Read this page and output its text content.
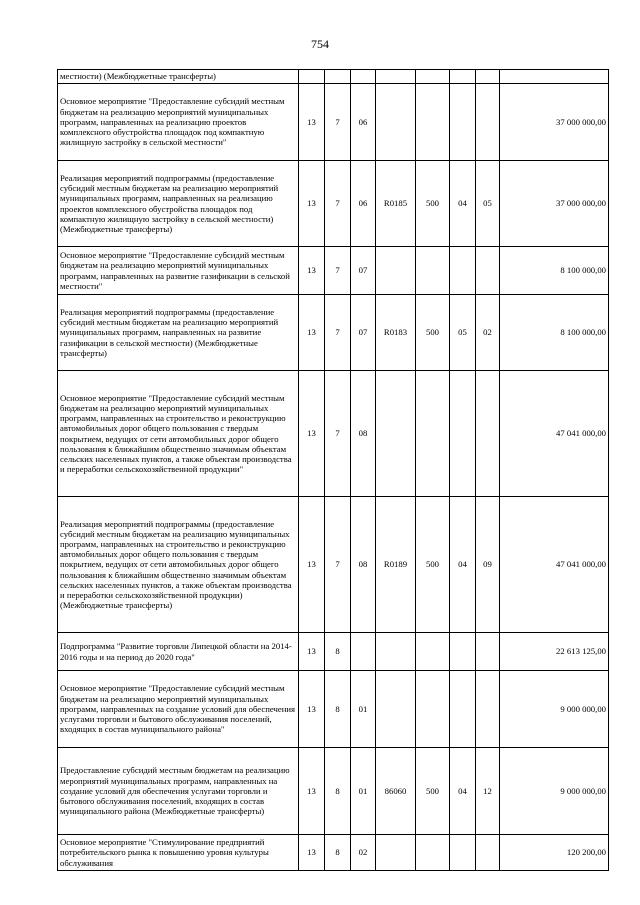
754
местности) (Межбюджетные трансферты)								
Основное мероприятие "Предоставление субсидий местным бюджетам на реализацию мероприятий муниципальных программ, направленных на реализацию проектов комплексного обустройства площадок под компактную жилищную застройку в сельской местности"	13	7	06					37 000 000,00
Реализация мероприятий подпрограммы (предоставление субсидий местным бюджетам на реализацию мероприятий муниципальных программ, направленных на реализацию проектов комплексного обустройства площадок под компактную жилищную застройку в сельской местности) (Межбюджетные трансферты)	13	7	06	R0185	500	04	05	37 000 000,00
Основное мероприятие "Предоставление субсидий местным бюджетам на реализацию мероприятий муниципальных программ, направленных на развитие газификации в сельской местности"	13	7	07					8 100 000,00
Реализация мероприятий подпрограммы (предоставление субсидий местным бюджетам на реализацию мероприятий муниципальных программ, направленных на развитие газификации в сельской местности) (Межбюджетные трансферты)	13	7	07	R0183	500	05	02	8 100 000,00
Основное мероприятие "Предоставление субсидий местным бюджетам на реализацию мероприятий муниципальных программ, направленных на строительство и реконструкцию автомобильных дорог общего пользования с твердым покрытием, ведущих от сети автомобильных дорог общего пользования к ближайшим общественно значимым объектам сельских населенных пунктов, а также объектам производства и переработки сельскохозяйственной продукции"	13	7	08					47 041 000,00
Реализация мероприятий подпрограммы (предоставление субсидий местным бюджетам на реализацию муниципальных программ, направленных на строительство и реконструкцию автомобильных дорог общего пользования с твердым покрытием, ведущих от сети автомобильных дорог общего пользования к ближайшим общественно значимым объектам сельских населенных пунктов, а также объектам производства и переработки сельскохозяйственной продукции) (Межбюджетные трансферты)	13	7	08	R0189	500	04	09	47 041 000,00
Подпрограмма "Развитие торговли Липецкой области на 2014-2016 годы и на период до 2020 года"	13	8						22 613 125,00
Основное мероприятие "Предоставление субсидий местным бюджетам на реализацию мероприятий муниципальных программ, направленных на создание условий для обеспечения услугами торговли и бытового обслуживания поселений, входящих в состав муниципального района"	13	8	01					9 000 000,00
Предоставление субсидий местным бюджетам на реализацию мероприятий муниципальных программ, направленных на создание условий для обеспечения услугами торговли и бытового обслуживания поселений, входящих в состав муниципального района (Межбюджетные трансферты)	13	8	01	86060	500	04	12	9 000 000,00
Основное мероприятие "Стимулирование предприятий потребительского рынка к повышению уровня культуры обслуживания	13	8	02					120 200,00
